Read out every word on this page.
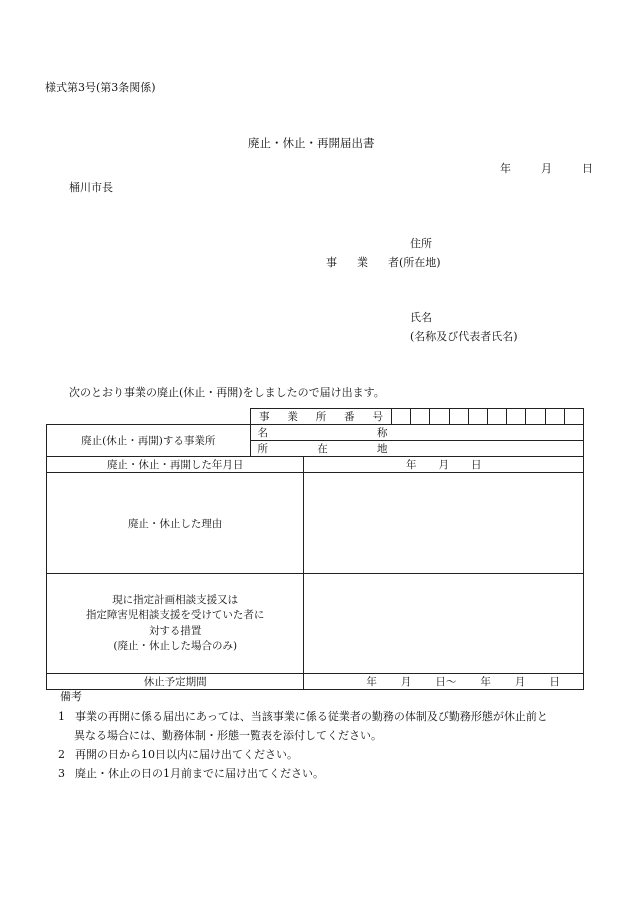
様式第3号(第3条関係)
廃止・休止・再開届出書
年	月	日
桶川市長
住所
事 業 者(所在地)
氏名
(名称及び代表者氏名)
次のとおり事業の廃止(休止・再開)をしましたので届け出ます。
事 業 所 番 号

廃止(休止・再開)する事業所	名 称	

	所 在 地	

廃止・休止・再開した年月日		年 月 日
廃止・休止した理由		

現に指定計画相談支援又は
指定障害児相談支援を受けていた者に
対する措置
(廃止・休止した場合のみ)		

休止予定期間		年 月 日〜 年 月 日
備考
1 事業の再開に係る届出にあっては、当該事業に係る従業者の勤務の体制及び勤務形態が休止前と
異なる場合には、勤務体制・形態一覧表を添付してください。
2 再開の日から10日以内に届け出てください。
3 廃止・休止の日の1月前までに届け出てください。
